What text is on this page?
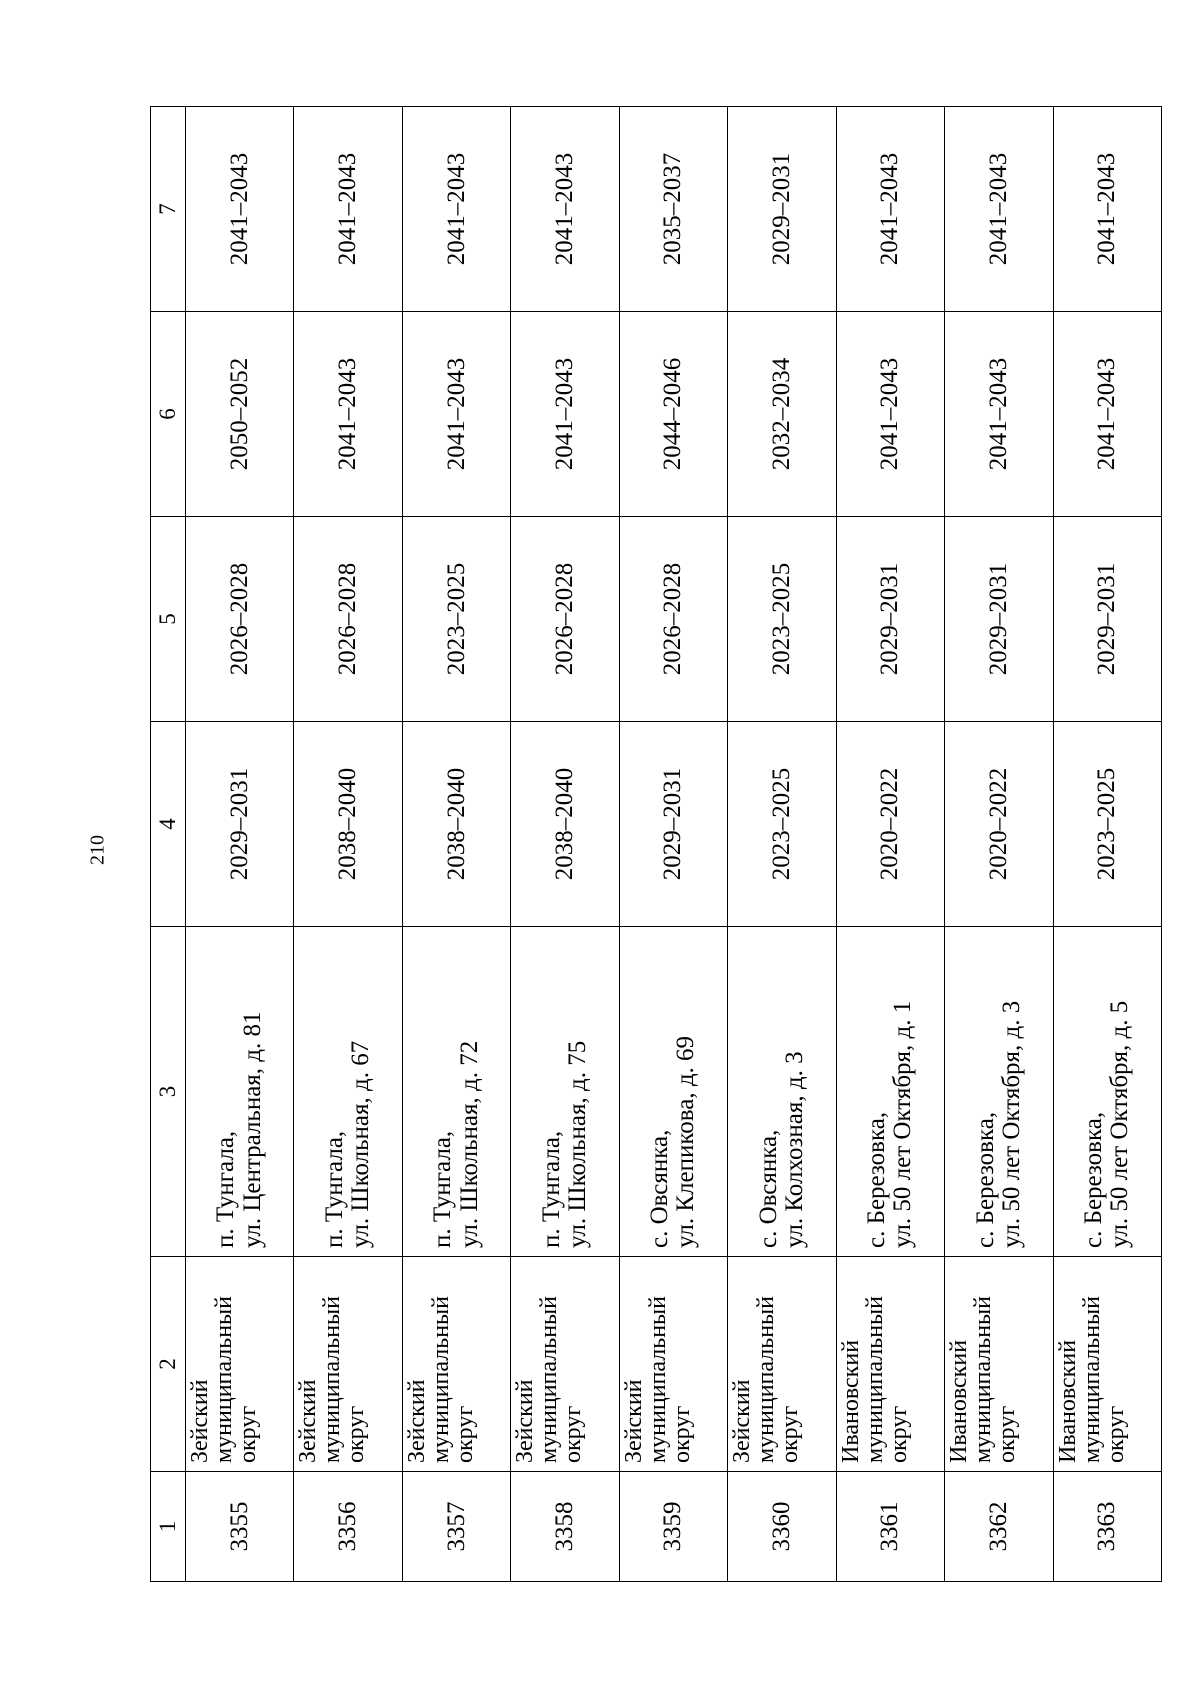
210
1	2	3	4	5	6	7
3355	Зейский
муниципальный
округ	п. Тунгала, ул. Центральная, д. 81	2029–2031	2026–2028	2050–2052	2041–2043
3356	Зейский
муниципальный
округ	п. Тунгала, ул. Школьная, д. 67	2038–2040	2026–2028	2041–2043	2041–2043
3357	Зейский
муниципальный
округ	п. Тунгала, ул. Школьная, д. 72	2038–2040	2023–2025	2041–2043	2041–2043
3358	Зейский
муниципальный
округ	п. Тунгала, ул. Школьная, д. 75	2038–2040	2026–2028	2041–2043	2041–2043
3359	Зейский
муниципальный
округ	с. Овсянка, ул. Клепикова, д. 69	2029–2031	2026–2028	2044–2046	2035–2037
3360	Зейский
муниципальный
округ	с. Овсянка, ул. Колхозная, д. 3	2023–2025	2023–2025	2032–2034	2029–2031
3361	Ивановский
муниципальный
округ	с. Березовка, ул. 50 лет Октября, д. 1	2020–2022	2029–2031	2041–2043	2041–2043
3362	Ивановский
муниципальный
округ	с. Березовка, ул. 50 лет Октября, д. 3	2020–2022	2029–2031	2041–2043	2041–2043
3363	Ивановский
муниципальный
округ	с. Березовка, ул. 50 лет Октября, д. 5	2023–2025	2029–2031	2041–2043	2041–2043
